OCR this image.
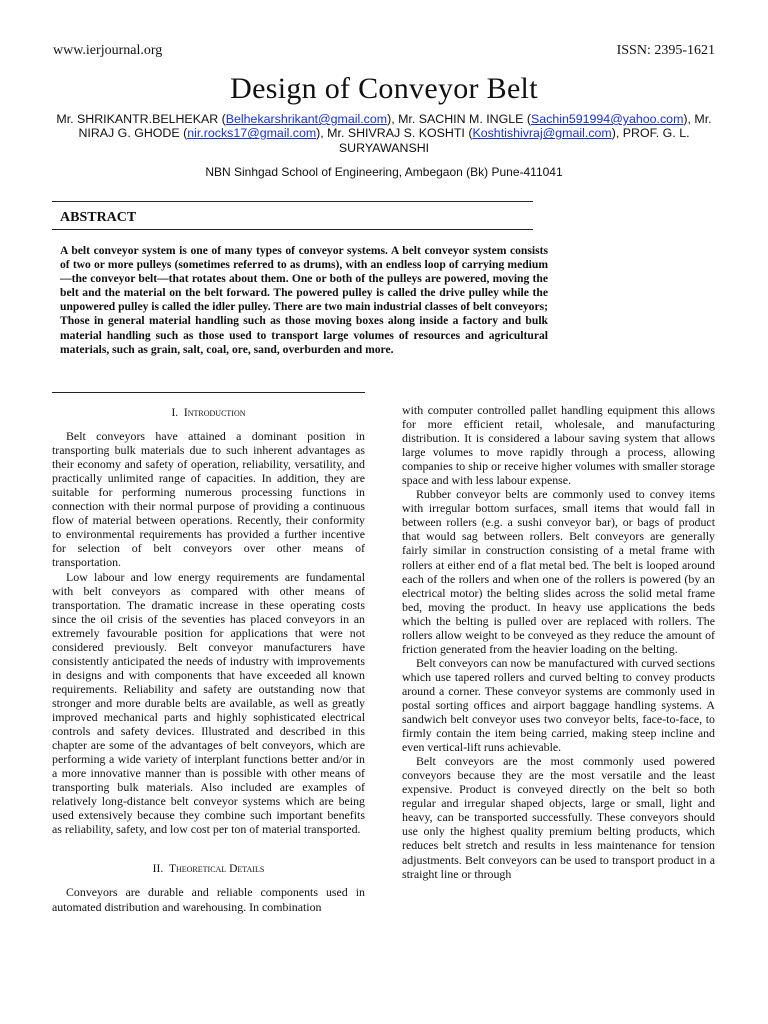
www.ierjournal.org	ISSN: 2395-1621
Design of Conveyor Belt
Mr. SHRIKANTR.BELHEKAR (Belhekarshrikant@gmail.com), Mr. SACHIN M. INGLE (Sachin591994@yahoo.com), Mr. NIRAJ G. GHODE (nir.rocks17@gmail.com), Mr. SHIVRAJ S. KOSHTI (Koshtishivraj@gmail.com), PROF. G. L. SURYAWANSHI
NBN Sinhgad School of Engineering, Ambegaon (Bk) Pune-411041
ABSTRACT
A belt conveyor system is one of many types of conveyor systems. A belt conveyor system consists of two or more pulleys (sometimes referred to as drums), with an endless loop of carrying medium—the conveyor belt—that rotates about them. One or both of the pulleys are powered, moving the belt and the material on the belt forward. The powered pulley is called the drive pulley while the unpowered pulley is called the idler pulley. There are two main industrial classes of belt conveyors; Those in general material handling such as those moving boxes along inside a factory and bulk material handling such as those used to transport large volumes of resources and agricultural materials, such as grain, salt, coal, ore, sand, overburden and more.
I. Introduction

Belt conveyors have attained a dominant position in transporting bulk materials due to such inherent advantages as their economy and safety of operation, reliability, versatility, and practically unlimited range of capacities. In addition, they are suitable for performing numerous processing functions in connection with their normal purpose of providing a continuous flow of material between operations. Recently, their conformity to environmental requirements has provided a further incentive for selection of belt conveyors over other means of transportation.

Low labour and low energy requirements are fundamental with belt conveyors as compared with other means of transportation. The dramatic increase in these operating costs since the oil crisis of the seventies has placed conveyors in an extremely favourable position for applications that were not considered previously. Belt conveyor manufacturers have consistently anticipated the needs of industry with improvements in designs and with components that have exceeded all known requirements. Reliability and safety are outstanding now that stronger and more durable belts are available, as well as greatly improved mechanical parts and highly sophisticated electrical controls and safety devices. Illustrated and described in this chapter are some of the advantages of belt conveyors, which are performing a wide variety of interplant functions better and/or in a more innovative manner than is possible with other means of transporting bulk materials. Also included are examples of relatively long-distance belt conveyor systems which are being used extensively because they combine such important benefits as reliability, safety, and low cost per ton of material transported.

II. Theoretical Details

Conveyors are durable and reliable components used in automated distribution and warehousing. In combination

with computer controlled pallet handling equipment this allows for more efficient retail, wholesale, and manufacturing distribution. It is considered a labour saving system that allows large volumes to move rapidly through a process, allowing companies to ship or receive higher volumes with smaller storage space and with less labour expense.

Rubber conveyor belts are commonly used to convey items with irregular bottom surfaces, small items that would fall in between rollers (e.g. a sushi conveyor bar), or bags of product that would sag between rollers. Belt conveyors are generally fairly similar in construction consisting of a metal frame with rollers at either end of a flat metal bed. The belt is looped around each of the rollers and when one of the rollers is powered (by an electrical motor) the belting slides across the solid metal frame bed, moving the product. In heavy use applications the beds which the belting is pulled over are replaced with rollers. The rollers allow weight to be conveyed as they reduce the amount of friction generated from the heavier loading on the belting.

Belt conveyors can now be manufactured with curved sections which use tapered rollers and curved belting to convey products around a corner. These conveyor systems are commonly used in postal sorting offices and airport baggage handling systems. A sandwich belt conveyor uses two conveyor belts, face-to-face, to firmly contain the item being carried, making steep incline and even vertical-lift runs achievable.

Belt conveyors are the most commonly used powered conveyors because they are the most versatile and the least expensive. Product is conveyed directly on the belt so both regular and irregular shaped objects, large or small, light and heavy, can be transported successfully. These conveyors should use only the highest quality premium belting products, which reduces belt stretch and results in less maintenance for tension adjustments. Belt conveyors can be used to transport product in a straight line or through
